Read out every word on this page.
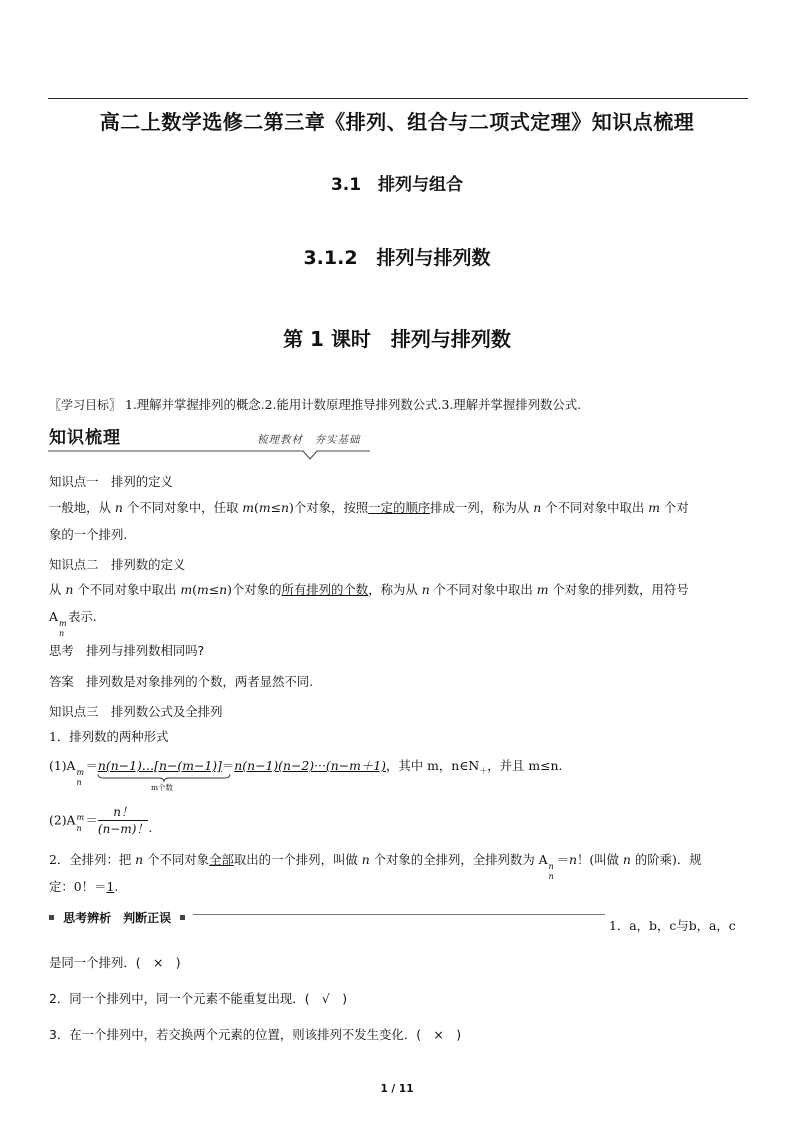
高二上数学选修二第三章《排列、组合与二项式定理》知识点梳理
3.1　排列与组合
3.1.2　排列与排列数
第 1 课时　排列与排列数
〖学习目标〗 1.理解并掌握排列的概念.2.能用计数原理推导排列数公式.3.理解并掌握排列数公式.
知识梳理	梳理教材　夯实基础
知识点一　排列的定义
一般地，从 n 个不同对象中，任取 m(m≤n)个对象，按照一定的顺序排成一列，称为从 n 个不同对象中取出 m 个对
象的一个排列.
知识点二　排列数的定义
从 n 个不同对象中取出 m(m≤n)个对象的所有排列的个数，称为从 n 个不同对象中取出 m 个对象的排列数，用符号
A m
n
表示.
思考　排列与排列数相同吗?
答案　排列数是对象排列的个数，两者显然不同.
知识点三　排列数公式及全排列
1．排列数的两种形式
(1)A m
n
＝n(n−1)…[n−(m−1)]＝n(n−1)(n−2)···(n−m＋1)，其中 m，$n\in N_+$，并且 m≤n.
m个数
(2)A m
n
＝ $\frac{n!}{(n-m)!}$ .
2．全排列：把 n 个不同对象全部取出的一个排列，叫做 n 个对象的全排列，全排列数为 A n
n
＝n！(叫做 n 的阶乘)．规
定：0！＝1.
思考辨析　判断正误	1．a，b，c与b，a，c
是同一个排列．(　×　)
2．同一个排列中，同一个元素不能重复出现．(　√　)
3．在一个排列中，若交换两个元素的位置，则该排列不发生变化．(　×　)
1 / 11
